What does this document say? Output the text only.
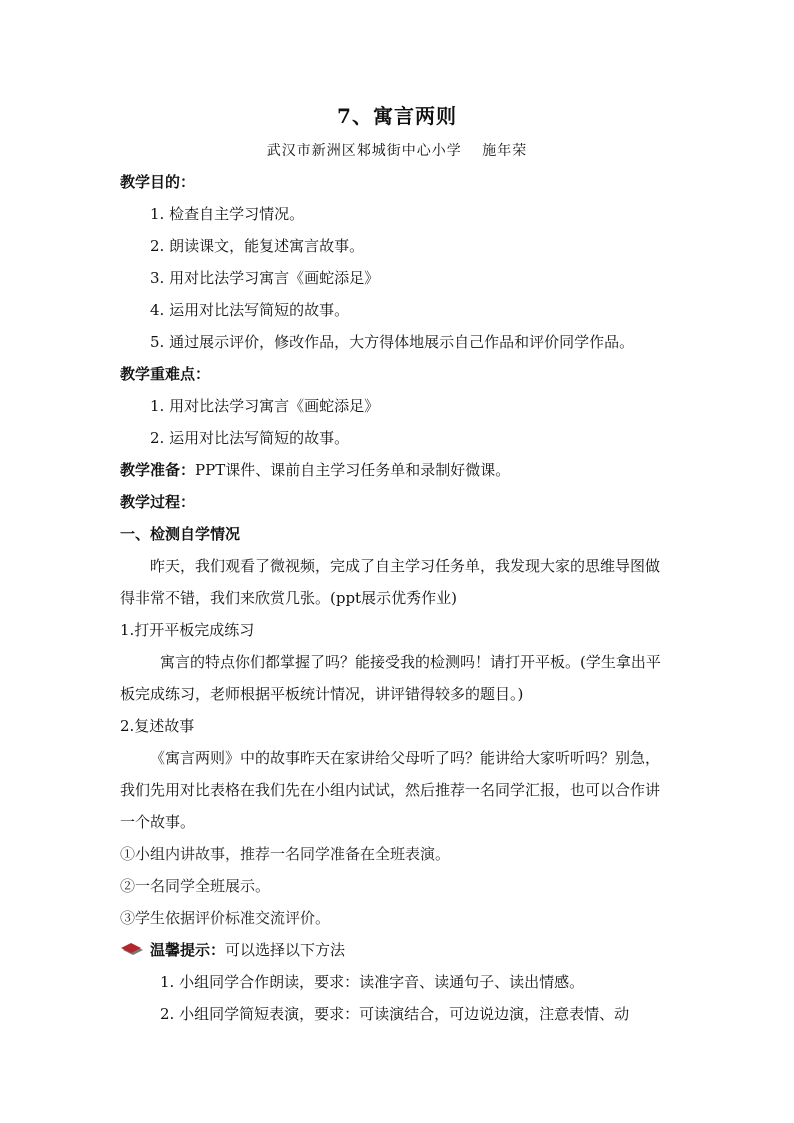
7、寓言两则
武汉市新洲区邾城街中心小学　 施年荣
教学目的：
1. 检查自主学习情况。
2. 朗读课文，能复述寓言故事。
3. 用对比法学习寓言《画蛇添足》
4. 运用对比法写简短的故事。
5. 通过展示评价，修改作品，大方得体地展示自己作品和评价同学作品。
教学重难点：
1. 用对比法学习寓言《画蛇添足》
2. 运用对比法写简短的故事。
教学准备：PPT课件、课前自主学习任务单和录制好微课。
教学过程：
一、检测自学情况
昨天，我们观看了微视频，完成了自主学习任务单，我发现大家的思维导图做得非常不错，我们来欣赏几张。(ppt展示优秀作业)
1.打开平板完成练习
寓言的特点你们都掌握了吗？能接受我的检测吗！请打开平板。(学生拿出平板完成练习，老师根据平板统计情况，讲评错得较多的题目。)
2.复述故事
《寓言两则》中的故事昨天在家讲给父母听了吗？能讲给大家听听吗？别急，我们先用对比表格在我们先在小组内试试，然后推荐一名同学汇报，也可以合作讲一个故事。
①小组内讲故事，推荐一名同学准备在全班表演。
②一名同学全班展示。
③学生依据评价标准交流评价。
温馨提示：可以选择以下方法
1. 小组同学合作朗读，要求：读准字音、读通句子、读出情感。
2. 小组同学简短表演，要求：可读演结合，可边说边演，注意表情、动
